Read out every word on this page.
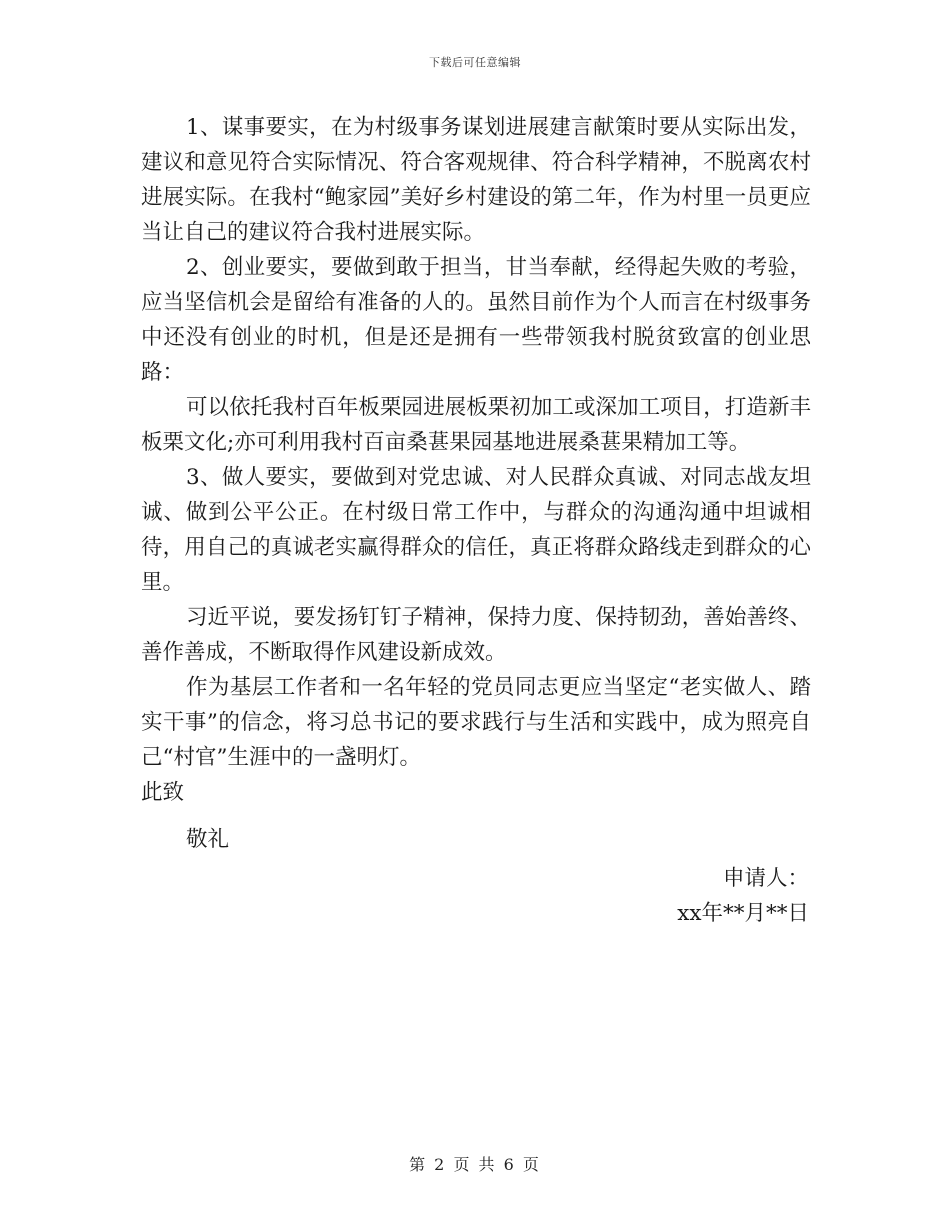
下载后可任意编辑

1、谋事要实，在为村级事务谋划进展建言献策时要从实际出发，建议和意见符合实际情况、符合客观规律、符合科学精神，不脱离农村进展实际。在我村“鲍家园”美好乡村建设的第二年，作为村里一员更应当让自己的建议符合我村进展实际。

2、创业要实，要做到敢于担当，甘当奉献，经得起失败的考验，应当坚信机会是留给有准备的人的。虽然目前作为个人而言在村级事务中还没有创业的时机，但是还是拥有一些带领我村脱贫致富的创业思路：

可以依托我村百年板栗园进展板栗初加工或深加工项目，打造新丰板栗文化;亦可利用我村百亩桑葚果园基地进展桑葚果精加工等。

3、做人要实，要做到对党忠诚、对人民群众真诚、对同志战友坦诚、做到公平公正。在村级日常工作中，与群众的沟通沟通中坦诚相待，用自己的真诚老实赢得群众的信任，真正将群众路线走到群众的心里。

习近平说，要发扬钉钉子精神，保持力度、保持韧劲，善始善终、善作善成，不断取得作风建设新成效。

作为基层工作者和一名年轻的党员同志更应当坚定“老实做人、踏实干事”的信念，将习总书记的要求践行与生活和实践中，成为照亮自己“村官”生涯中的一盏明灯。

此致

敬礼

申请人：

xx年**月**日

第 2 页 共 6 页
